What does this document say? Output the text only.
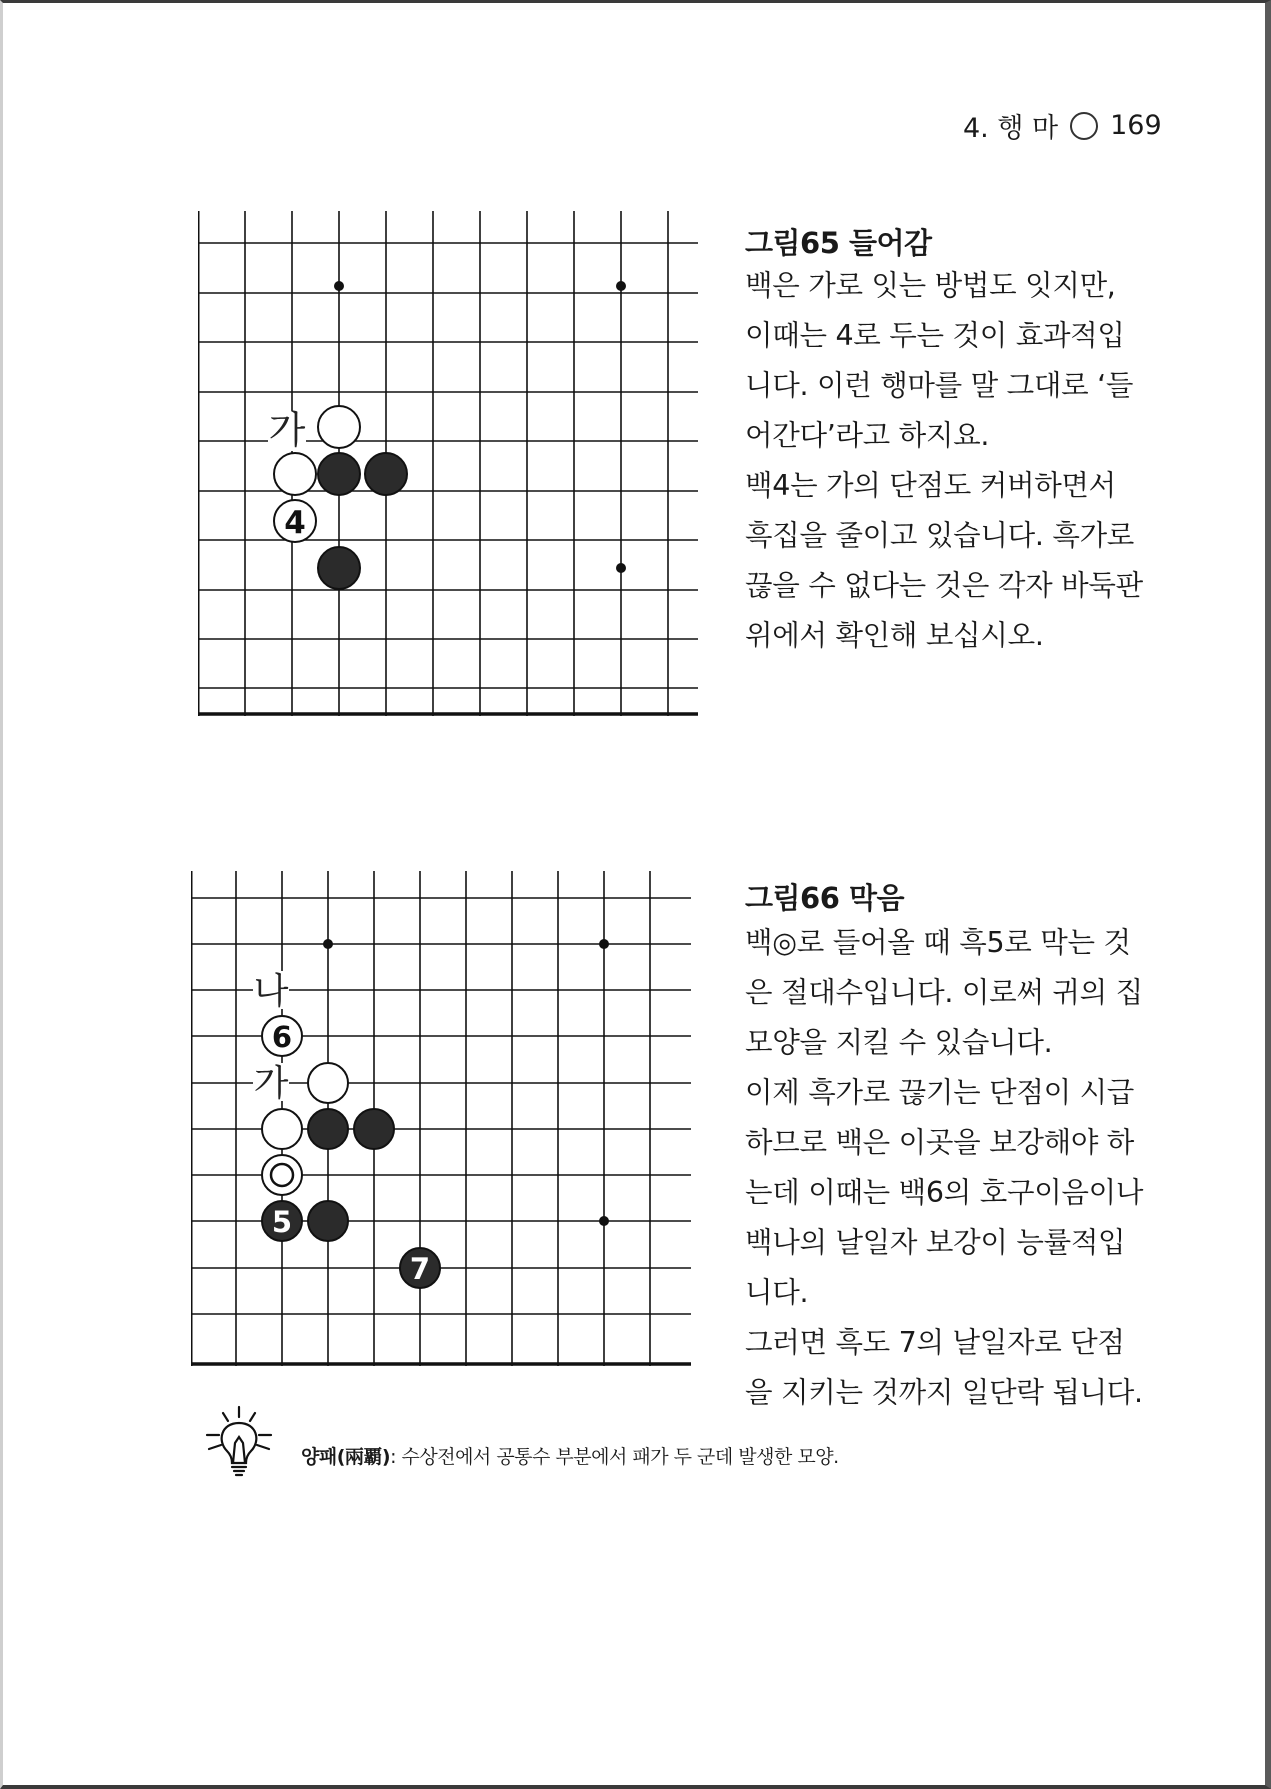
4. 행 마 169
가
4
그림65 들어감

백은 가로 잇는 방법도 잇지만, 이때는 4로 두는 것이 효과적입니다. 이런 행마를 말 그대로 ‘들어간다’라고 하지요.

백4는 가의 단점도 커버하면서 흑집을 줄이고 있습니다. 흑가로 끊을 수 없다는 것은 각자 바둑판 위에서 확인해 보십시오.

나
6
가
5
7
그림66 막음

백◎로 들어올 때 흑5로 막는 것은 절대수입니다. 이로써 귀의 집 모양을 지킬 수 있습니다.

이제 흑가로 끊기는 단점이 시급하므로 백은 이곳을 보강해야 하는데 이때는 백6의 호구이음이나 백나의 날일자 보강이 능률적입니다.

그러면 흑도 7의 날일자로 단점을 지키는 것까지 일단락 됩니다.

양패(兩覇): 수상전에서 공통수 부분에서 패가 두 군데 발생한 모양.
